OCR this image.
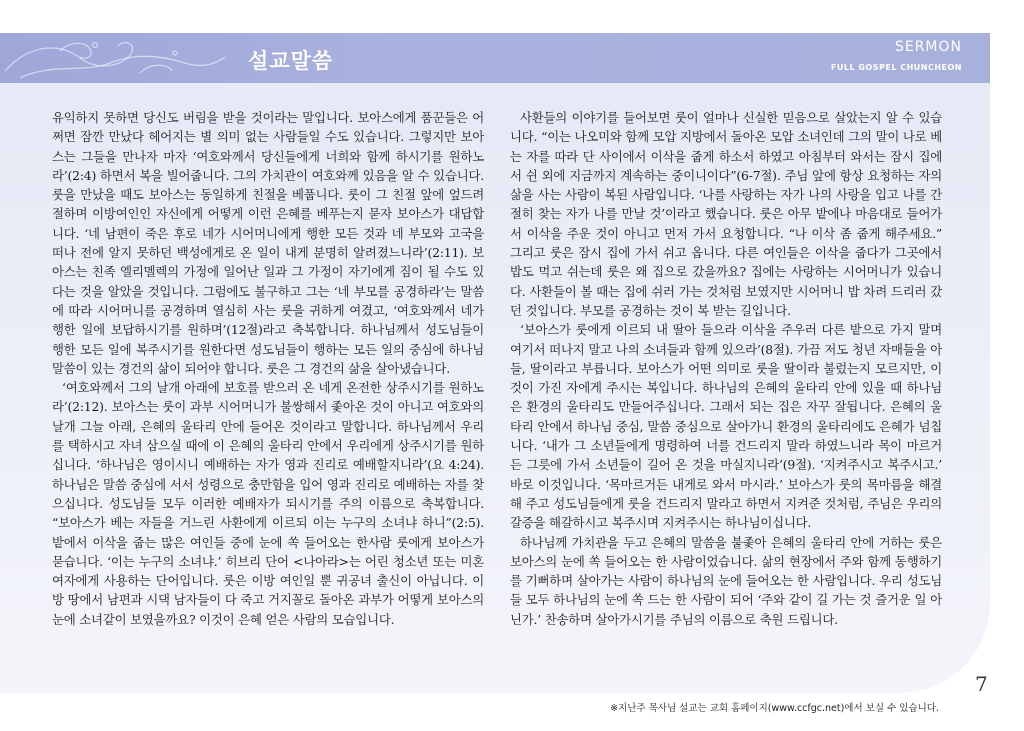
설교말씀
SERMON
FULL GOSPEL CHUNCHEON

유익하지 못하면 당신도 버림을 받을 것이라는 말입니다. 보아스에게 품꾼들은 어쩌면 잠깐 만났다 헤어지는 별 의미 없는 사람들일 수도 있습니다. 그렇지만 보아스는 그들을 만나자 마자 ‘여호와께서 당신들에게 너희와 함께 하시기를 원하노라’(2:4) 하면서 복을 빌어줍니다. 그의 가치관이 여호와께 있음을 알 수 있습니다. 룻을 만났을 때도 보아스는 동일하게 친절을 베풉니다. 룻이 그 친절 앞에 엎드려 절하며 이방여인인 자신에게 어떻게 이런 은혜를 베푸는지 묻자 보아스가 대답합니다. ‘네 남편이 죽은 후로 네가 시어머니에게 행한 모든 것과 네 부모와 고국을 떠나 전에 알지 못하던 백성에게로 온 일이 내게 분명히 알려졌느니라’(2:11). 보아스는 친족 엘리멜렉의 가정에 일어난 일과 그 가정이 자기에게 짐이 될 수도 있다는 것을 알았을 것입니다. 그럼에도 불구하고 그는 ‘네 부모를 공경하라’는 말씀에 따라 시어머니를 공경하며 열심히 사는 룻을 귀하게 여겼고, ‘여호와께서 네가 행한 일에 보답하시기를 원하며’(12절)라고 축복합니다. 하나님께서 성도님들이 행한 모든 일에 복주시기를 원한다면 성도님들이 행하는 모든 일의 중심에 하나님 말씀이 있는 경건의 삶이 되어야 합니다. 룻은 그 경건의 삶을 살아냈습니다.

‘여호와께서 그의 날개 아래에 보호를 받으러 온 네게 온전한 상주시기를 원하노라’(2:12). 보아스는 룻이 과부 시어머니가 불쌍해서 좇아온 것이 아니고 여호와의 날개 그늘 아래, 은혜의 울타리 안에 들어온 것이라고 말합니다. 하나님께서 우리를 택하시고 자녀 삼으실 때에 이 은혜의 울타리 안에서 우리에게 상주시기를 원하십니다. ‘하나님은 영이시니 예배하는 자가 영과 진리로 예배할지니라’(요 4:24). 하나님은 말씀 중심에 서서 성령으로 충만함을 입어 영과 진리로 예배하는 자를 찾으십니다. 성도님들 모두 이러한 예배자가 되시기를 주의 이름으로 축복합니다. “보아스가 베는 자들을 거느린 사환에게 이르되 이는 누구의 소녀냐 하니”(2:5). 밭에서 이삭을 줍는 많은 여인들 중에 눈에 쏙 들어오는 한사람 룻에게 보아스가 묻습니다. ‘이는 누구의 소녀냐.’ 히브리 단어 <나아라>는 어린 청소년 또는 미혼 여자에게 사용하는 단어입니다. 룻은 이방 여인일 뿐 귀공녀 출신이 아닙니다. 이방 땅에서 남편과 시댁 남자들이 다 죽고 거지꼴로 돌아온 과부가 어떻게 보아스의 눈에 소녀같이 보였을까요? 이것이 은혜 얻은 사람의 모습입니다.

사환들의 이야기를 들어보면 룻이 얼마나 신실한 믿음으로 살았는지 알 수 있습니다. “이는 나오미와 함께 모압 지방에서 돌아온 모압 소녀인데 그의 말이 나로 베는 자를 따라 단 사이에서 이삭을 줍게 하소서 하였고 아침부터 와서는 잠시 집에서 쉰 외에 지금까지 계속하는 중이니이다”(6-7절). 주님 앞에 항상 요청하는 자의 삶을 사는 사람이 복된 사람입니다. ‘나를 사랑하는 자가 나의 사랑을 입고 나를 간절히 찾는 자가 나를 만날 것’이라고 했습니다. 룻은 아무 밭에나 마음대로 들어가서 이삭을 주운 것이 아니고 먼저 가서 요청합니다. “나 이삭 좀 줍게 해주세요.” 그리고 룻은 잠시 집에 가서 쉬고 옵니다. 다른 여인들은 이삭을 줍다가 그곳에서 밥도 먹고 쉬는데 룻은 왜 집으로 갔을까요? 집에는 사랑하는 시어머니가 있습니다. 사환들이 볼 때는 집에 쉬러 가는 것처럼 보였지만 시어머니 밥 차려 드리러 갔던 것입니다. 부모를 공경하는 것이 복 받는 길입니다.

‘보아스가 룻에게 이르되 내 딸아 들으라 이삭을 주우러 다른 밭으로 가지 말며 여기서 떠나지 말고 나의 소녀들과 함께 있으라’(8절). 가끔 저도 청년 자매들을 아들, 딸이라고 부릅니다. 보아스가 어떤 의미로 룻을 딸이라 불렀는지 모르지만, 이것이 가진 자에게 주시는 복입니다. 하나님의 은혜의 울타리 안에 있을 때 하나님은 환경의 울타리도 만들어주십니다. 그래서 되는 집은 자꾸 잘됩니다. 은혜의 울타리 안에서 하나님 중심, 말씀 중심으로 살아가니 환경의 울타리에도 은혜가 넘칩니다. ‘내가 그 소년들에게 명령하여 너를 건드리지 말라 하였느니라 목이 마르거든 그릇에 가서 소년들이 길어 온 것을 마실지니라’(9절). ‘지켜주시고 복주시고.’ 바로 이것입니다. ‘목마르거든 내게로 와서 마시라.’ 보아스가 룻의 목마름을 해결해 주고 성도님들에게 룻을 건드리지 말라고 하면서 지켜준 것처럼, 주님은 우리의 갈증을 해갈하시고 복주시며 지켜주시는 하나님이십니다.

하나님께 가치관을 두고 은혜의 말씀을 붙좇아 은혜의 울타리 안에 거하는 룻은 보아스의 눈에 쏙 들어오는 한 사람이었습니다. 삶의 현장에서 주와 함께 동행하기를 기뻐하며 살아가는 사람이 하나님의 눈에 들어오는 한 사람입니다. 우리 성도님들 모두 하나님의 눈에 쏙 드는 한 사람이 되어 ‘주와 같이 길 가는 것 즐거운 일 아닌가.’ 찬송하며 살아가시기를 주님의 이름으로 축원 드립니다.

7
※지난주 목사님 설교는 교회 홈페이지(www.ccfgc.net)에서 보실 수 있습니다.
